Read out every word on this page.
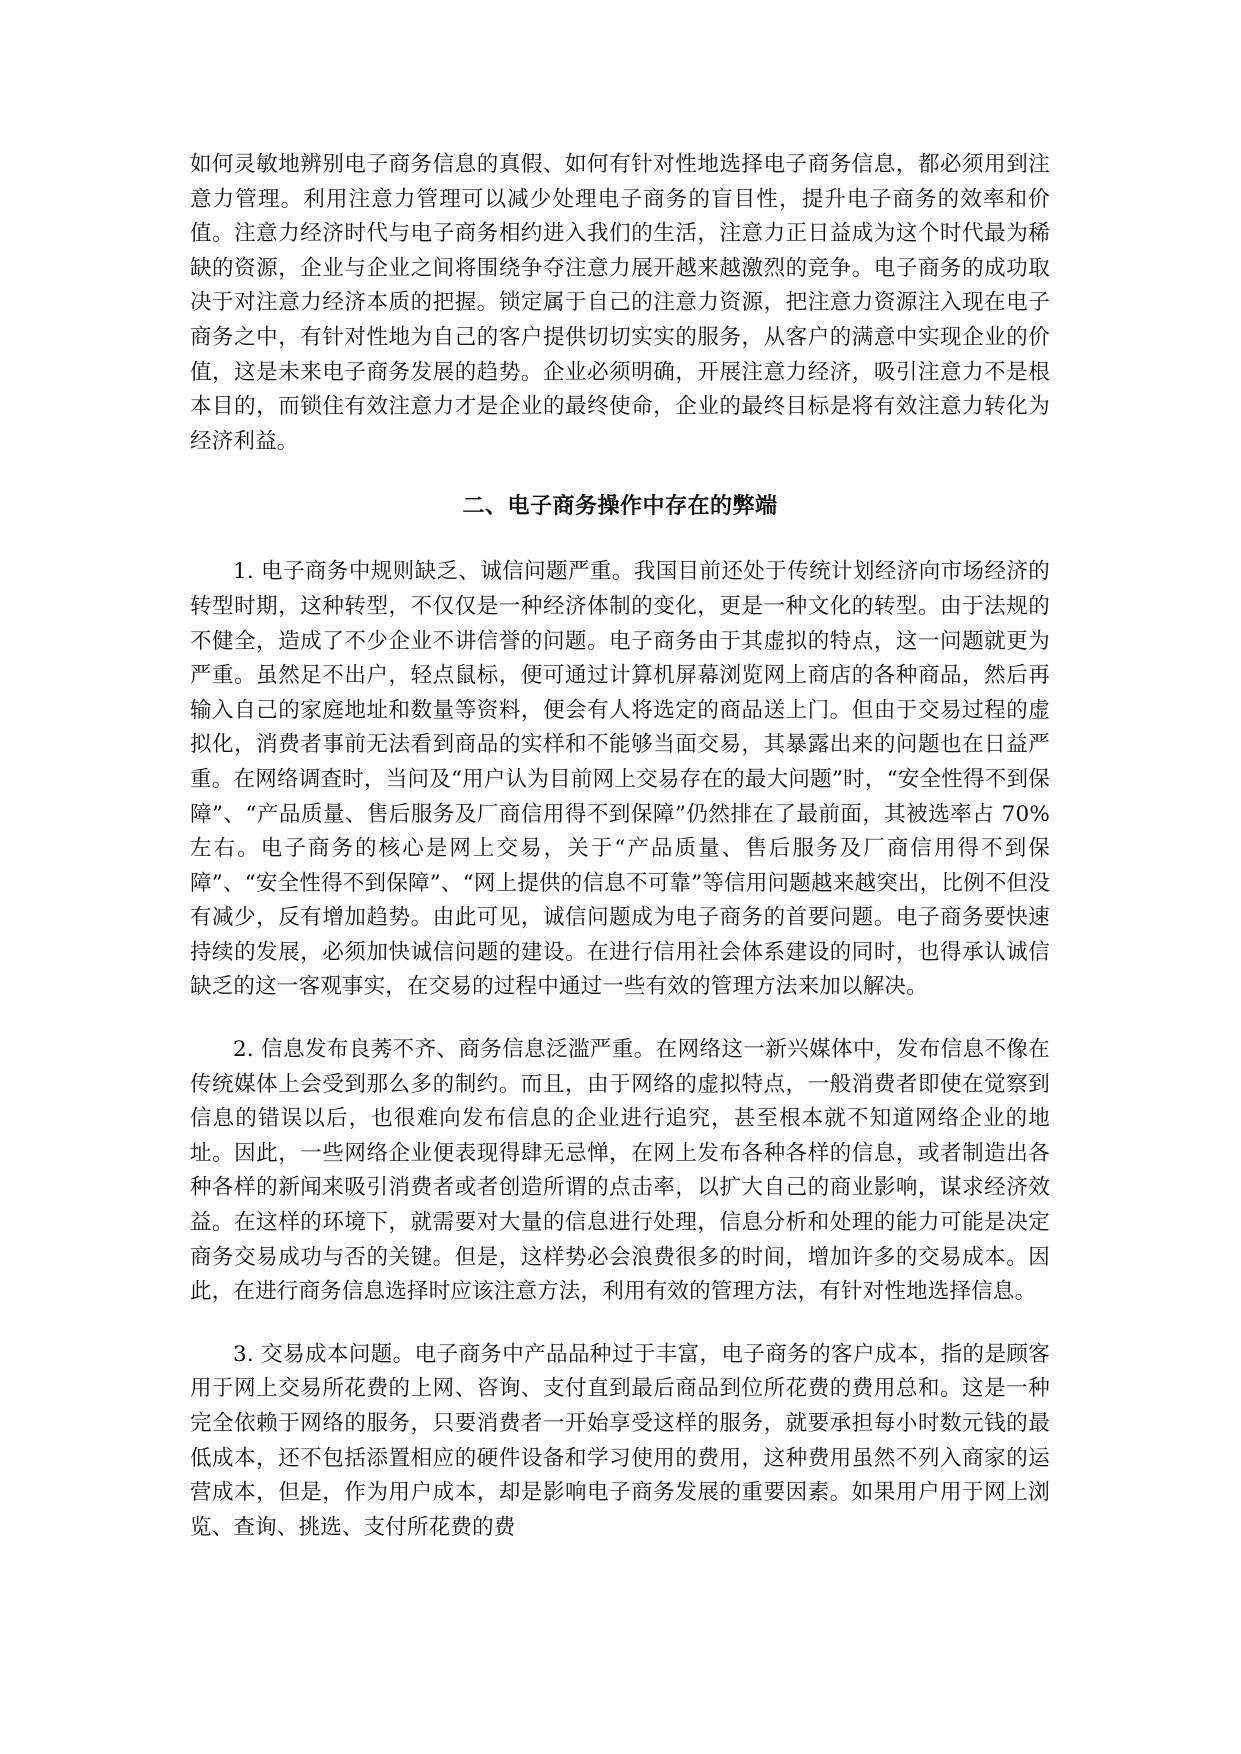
如何灵敏地辨别电子商务信息的真假、如何有针对性地选择电子商务信息，都必须用到注意力管理。利用注意力管理可以减少处理电子商务的盲目性，提升电子商务的效率和价值。注意力经济时代与电子商务相约进入我们的生活，注意力正日益成为这个时代最为稀缺的资源，企业与企业之间将围绕争夺注意力展开越来越激烈的竞争。电子商务的成功取决于对注意力经济本质的把握。锁定属于自己的注意力资源，把注意力资源注入现在电子商务之中，有针对性地为自己的客户提供切切实实的服务，从客户的满意中实现企业的价值，这是未来电子商务发展的趋势。企业必须明确，开展注意力经济，吸引注意力不是根本目的，而锁住有效注意力才是企业的最终使命，企业的最终目标是将有效注意力转化为经济利益。

二、电子商务操作中存在的弊端

1. 电子商务中规则缺乏、诚信问题严重。我国目前还处于传统计划经济向市场经济的转型时期，这种转型，不仅仅是一种经济体制的变化，更是一种文化的转型。由于法规的不健全，造成了不少企业不讲信誉的问题。电子商务由于其虚拟的特点，这一问题就更为严重。虽然足不出户，轻点鼠标，便可通过计算机屏幕浏览网上商店的各种商品，然后再输入自己的家庭地址和数量等资料，便会有人将选定的商品送上门。但由于交易过程的虚拟化，消费者事前无法看到商品的实样和不能够当面交易，其暴露出来的问题也在日益严重。在网络调查时，当问及“用户认为目前网上交易存在的最大问题”时，“安全性得不到保障”、“产品质量、售后服务及厂商信用得不到保障”仍然排在了最前面，其被选率占 70%左右。电子商务的核心是网上交易，关于“产品质量、售后服务及厂商信用得不到保障”、“安全性得不到保障”、“网上提供的信息不可靠”等信用问题越来越突出，比例不但没有减少，反有增加趋势。由此可见，诚信问题成为电子商务的首要问题。电子商务要快速持续的发展，必须加快诚信问题的建设。在进行信用社会体系建设的同时，也得承认诚信缺乏的这一客观事实，在交易的过程中通过一些有效的管理方法来加以解决。

2. 信息发布良莠不齐、商务信息泛滥严重。在网络这一新兴媒体中，发布信息不像在传统媒体上会受到那么多的制约。而且，由于网络的虚拟特点，一般消费者即使在觉察到信息的错误以后，也很难向发布信息的企业进行追究，甚至根本就不知道网络企业的地址。因此，一些网络企业便表现得肆无忌惮，在网上发布各种各样的信息，或者制造出各种各样的新闻来吸引消费者或者创造所谓的点击率，以扩大自己的商业影响，谋求经济效益。在这样的环境下，就需要对大量的信息进行处理，信息分析和处理的能力可能是决定商务交易成功与否的关键。但是，这样势必会浪费很多的时间，增加许多的交易成本。因此，在进行商务信息选择时应该注意方法，利用有效的管理方法，有针对性地选择信息。

3. 交易成本问题。电子商务中产品品种过于丰富，电子商务的客户成本，指的是顾客用于网上交易所花费的上网、咨询、支付直到最后商品到位所花费的费用总和。这是一种完全依赖于网络的服务，只要消费者一开始享受这样的服务，就要承担每小时数元钱的最低成本，还不包括添置相应的硬件设备和学习使用的费用，这种费用虽然不列入商家的运营成本，但是，作为用户成本，却是影响电子商务发展的重要因素。如果用户用于网上浏览、查询、挑选、支付所花费的费
